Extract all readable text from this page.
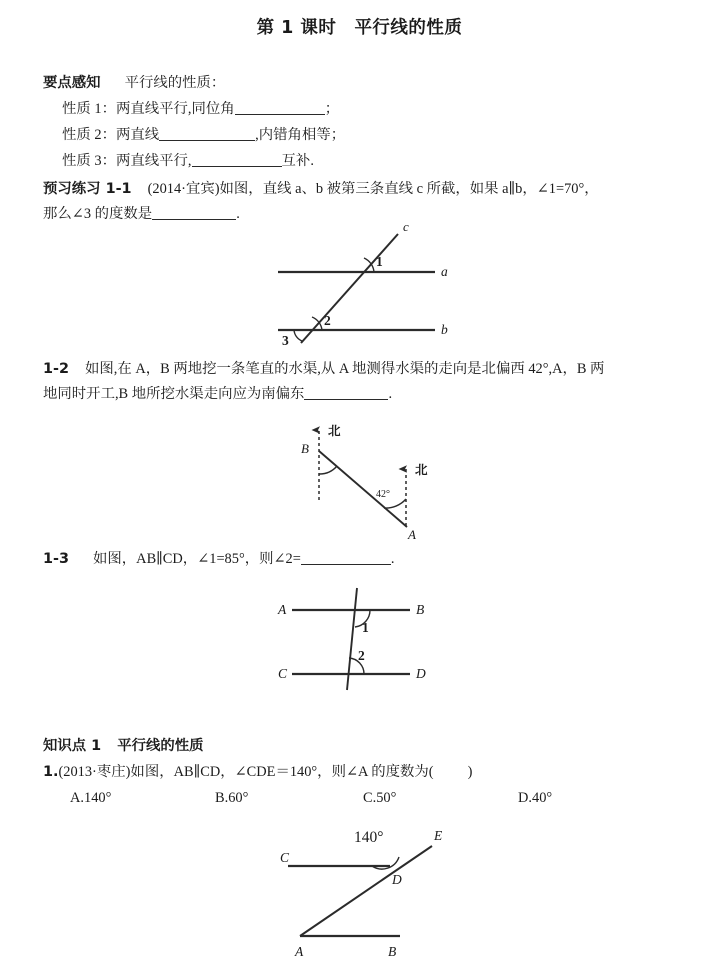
第 1 课时 平行线的性质
要点感知 平行线的性质：
性质 1：两直线平行,同位角	；
性质 2：两直线	,内错角相等；
性质 3：两直线平行,	互补.
预习练习 1-1 (2014·宜宾)如图，直线 a、b 被第三条直线 c 所截，如果 a∥b，∠1=70°，
那么∠3 的度数是	.
c
a
b
1
2
3
1-2 如图,在 A，B 两地挖一条笔直的水渠,从 A 地测得水渠的走向是北偏西 42°,A，B 两
地同时开工,B 地所挖水渠走向应为南偏东	.
北
北
B
A
42°
1-3 如图，AB∥CD，∠1=85°，则∠2=	.
A	B
C	D
1
2
知识点 1 平行线的性质
1.(2013·枣庄)如图，AB∥CD，∠CDE＝140°，则∠A 的度数为( )
A.140°	B.60°	C.50°	D.40°
140°
C
D
E
A	B
